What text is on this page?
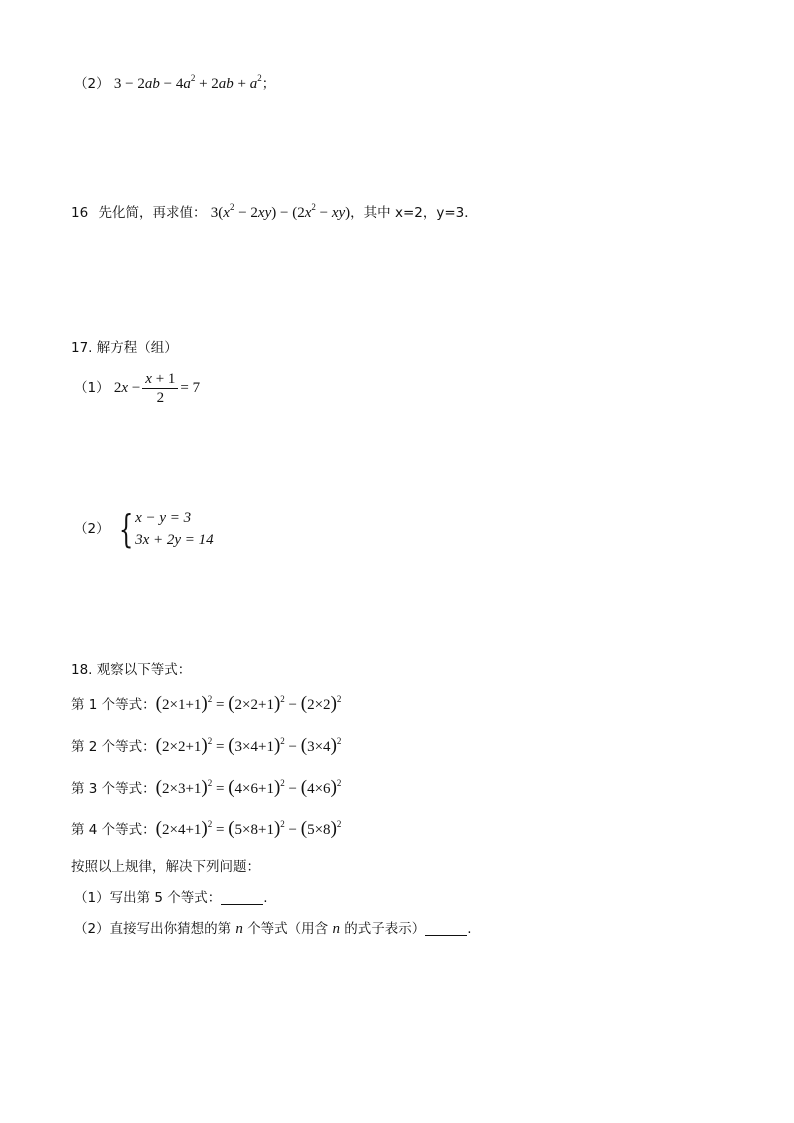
（2） $3 - 2ab - 4a^2 + 2ab + a^2$；
16 先化简，再求值： $3(x^2 - 2xy) - (2x^2 - xy)$，其中 x=2，y=3．
17. 解方程（组）
（1） $2x - \frac{x + 1}{2} = 7$
（2） { x − y = 3
3x + 2y = 14
18. 观察以下等式：
第 1 个等式：$(2\times 1+1)^2 = (2\times 2+1)^2 - (2\times 2)^2$
第 2 个等式：$(2\times 2+1)^2 = (3\times 4+1)^2 - (3\times 4)^2$
第 3 个等式：$(2\times 3+1)^2 = (4\times 6+1)^2 - (4\times 6)^2$
第 4 个等式：$(2\times 4+1)^2 = (5\times 8+1)^2 - (5\times 8)^2$
按照以上规律，解决下列问题：
（1）写出第 5 个等式：	.
（2）直接写出你猜想的第 n 个等式（用含 n 的式子表示）	.
